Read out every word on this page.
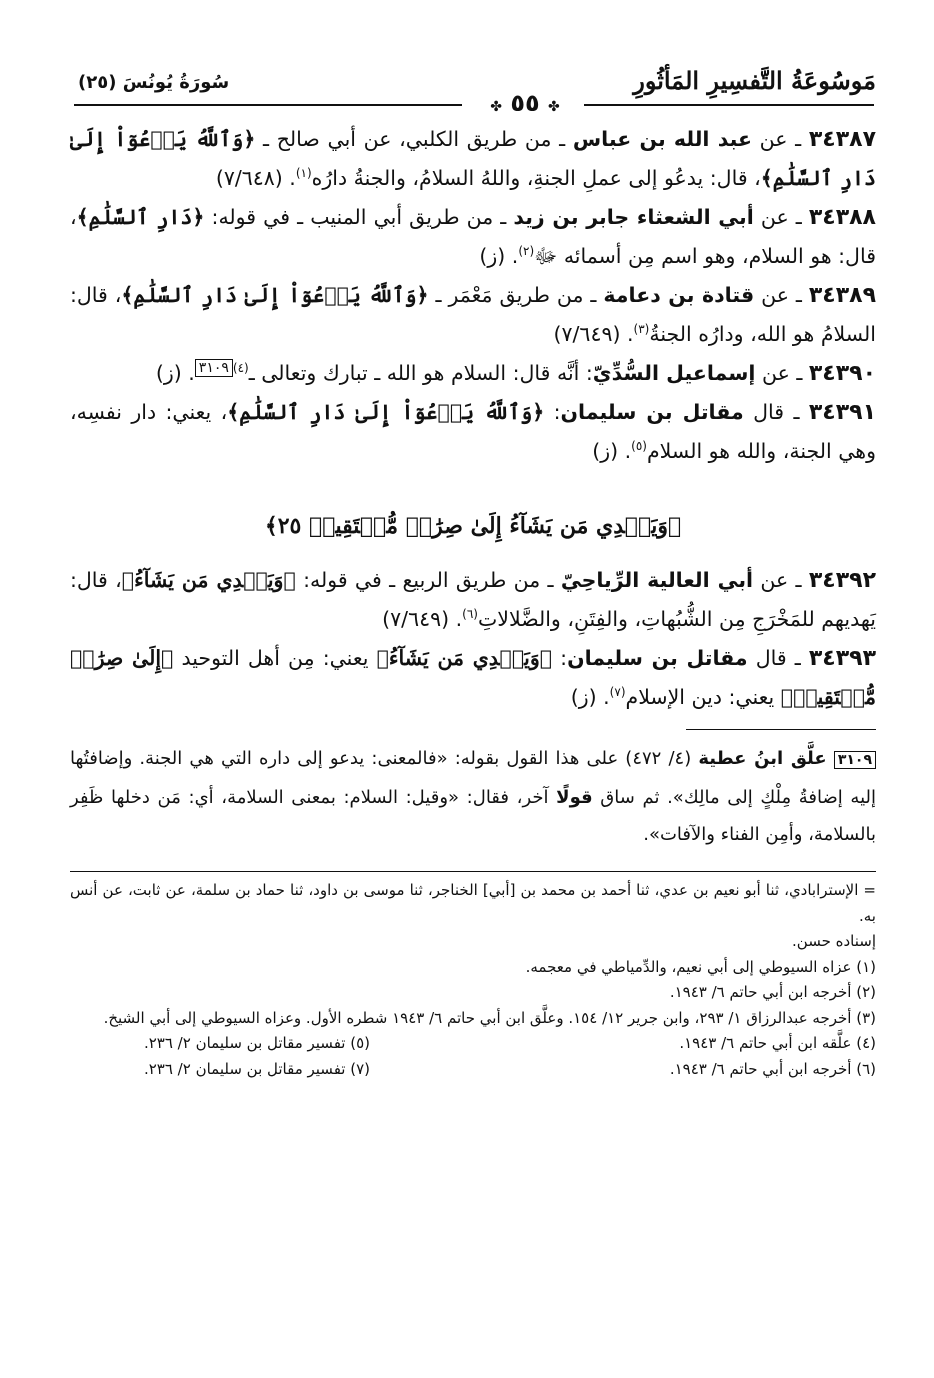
مَوسُوعَةُ التَّفسِيرِ المَأثُورِ
سُورَةُ يُونُسَ (٢٥)
✤ ٥٥ ✤

٣٤٣٨٧ ـ عن عبد الله بن عباس ـ من طريق الكلبي، عن أبي صالح ـ ﴿وَٱللَّهُ يَدۡعُوٓاْ إِلَىٰ دَارِ ٱلسَّلَٰمِ﴾، قال: يدعُو إلى عملِ الجنةِ، واللهُ السلامُ، والجنةُ دارُه$^{(١)}$. (٧/٦٤٨)

٣٤٣٨٨ ـ عن أبي الشعثاء جابر بن زيد ـ من طريق أبي المنيب ـ في قوله: ﴿دَارِ ٱلسَّلَٰمِ﴾، قال: هو السلام، وهو اسم مِن أسمائه ﷻ$^{(٢)}$. (ز)

٣٤٣٨٩ ـ عن قتادة بن دعامة ـ من طريق مَعْمَر ـ ﴿وَٱللَّهُ يَدۡعُوٓاْ إِلَىٰ دَارِ ٱلسَّلَٰمِ﴾، قال: السلامُ هو الله، ودارُه الجنةُ$^{(٣)}$. (٧/٦٤٩)

٣٤٣٩٠ ـ عن إسماعيل السُّدِّيّ: أنَّه قال: السلام هو الله ـ تبارك وتعالى ـ$^{(٤)}$٣١٠٩. (ز)

٣٤٣٩١ ـ قال مقاتل بن سليمان: ﴿وَٱللَّهُ يَدۡعُوٓاْ إِلَىٰ دَارِ ٱلسَّلَٰمِ﴾، يعني: دار نفسِه، وهي الجنة، والله هو السلام$^{(٥)}$. (ز)

﴿وَيَهۡدِي مَن يَشَآءُ إِلَىٰ صِرَٰطٖ مُّسۡتَقِيمٖ ٢٥﴾

٣٤٣٩٢ ـ عن أبي العالية الرِّياحِيّ ـ من طريق الربيع ـ في قوله: ﴿وَيَهۡدِي مَن يَشَآءُ﴾، قال: يَهديهم للمَخْرَجِ مِن الشُّبُهاتِ، والفِتَنِ، والضَّلالاتِ$^{(٦)}$. (٧/٦٤٩)

٣٤٣٩٣ ـ قال مقاتل بن سليمان: ﴿وَيَهۡدِي مَن يَشَآءُ﴾ يعني: مِن أهل التوحيد ﴿إِلَىٰ صِرَٰطٖ مُّسۡتَقِيمٖ﴾ يعني: دين الإسلام$^{(٧)}$. (ز)

٣١٠٩ علَّق ابنُ عطية (٤/ ٤٧٢) على هذا القول بقوله: «فالمعنى: يدعو إلى داره التي هي الجنة. وإضافتُها إليه إضافةُ مِلْكٍ إلى مالِك». ثم ساق قولًا آخر، فقال: «وقيل: السلام: بمعنى السلامة، أي: مَن دخلها ظَفِر بالسلامة، وأمِن الفناء والآفات».

= الإسترابادي، ثنا أبو نعيم بن عدي، ثنا أحمد بن محمد بن [أبي] الخناجر، ثنا موسى بن داود، ثنا حماد بن سلمة، عن ثابت، عن أنس به.

إسناده حسن.

(١) عزاه السيوطي إلى أبي نعيم، والدِّمياطي في معجمه.

(٢) أخرجه ابن أبي حاتم ٦/ ١٩٤٣.

(٣) أخرجه عبدالرزاق ١/ ٢٩٣، وابن جرير ١٢/ ١٥٤. وعلَّق ابن أبي حاتم ٦/ ١٩٤٣ شطره الأول. وعزاه السيوطي إلى أبي الشيخ.

(٤) علَّقه ابن أبي حاتم ٦/ ١٩٤٣.
(٥) تفسير مقاتل بن سليمان ٢/ ٢٣٦.
(٦) أخرجه ابن أبي حاتم ٦/ ١٩٤٣.
(٧) تفسير مقاتل بن سليمان ٢/ ٢٣٦.
